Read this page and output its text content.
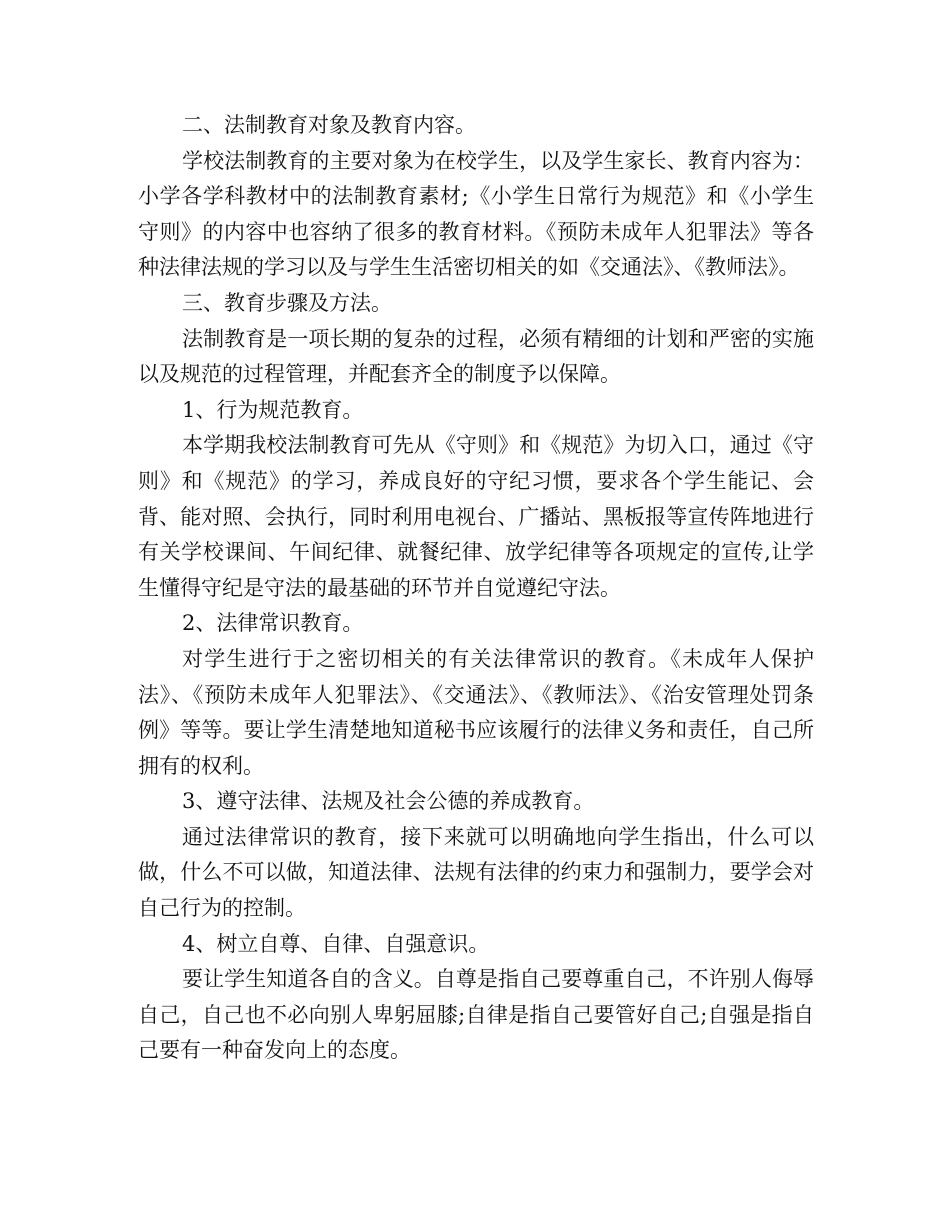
二、法制教育对象及教育内容。

学校法制教育的主要对象为在校学生，以及学生家长、教育内容为：小学各学科教材中的法制教育素材;《小学生日常行为规范》和《小学生守则》的内容中也容纳了很多的教育材料。《预防未成年人犯罪法》等各种法律法规的学习以及与学生生活密切相关的如《交通法》、《教师法》。

三、教育步骤及方法。

法制教育是一项长期的复杂的过程，必须有精细的计划和严密的实施以及规范的过程管理，并配套齐全的制度予以保障。

1、行为规范教育。

本学期我校法制教育可先从《守则》和《规范》为切入口，通过《守则》和《规范》的学习，养成良好的守纪习惯，要求各个学生能记、会背、能对照、会执行，同时利用电视台、广播站、黑板报等宣传阵地进行有关学校课间、午间纪律、就餐纪律、放学纪律等各项规定的宣传,让学生懂得守纪是守法的最基础的环节并自觉遵纪守法。

2、法律常识教育。

对学生进行于之密切相关的有关法律常识的教育。《未成年人保护法》、《预防未成年人犯罪法》、《交通法》、《教师法》、《治安管理处罚条例》等等。要让学生清楚地知道秘书应该履行的法律义务和责任，自己所拥有的权利。

3、遵守法律、法规及社会公德的养成教育。

通过法律常识的教育，接下来就可以明确地向学生指出，什么可以做，什么不可以做，知道法律、法规有法律的约束力和强制力，要学会对自己行为的控制。

4、树立自尊、自律、自强意识。

要让学生知道各自的含义。自尊是指自己要尊重自己，不许别人侮辱自己，自己也不必向别人卑躬屈膝;自律是指自己要管好自己;自强是指自己要有一种奋发向上的态度。
